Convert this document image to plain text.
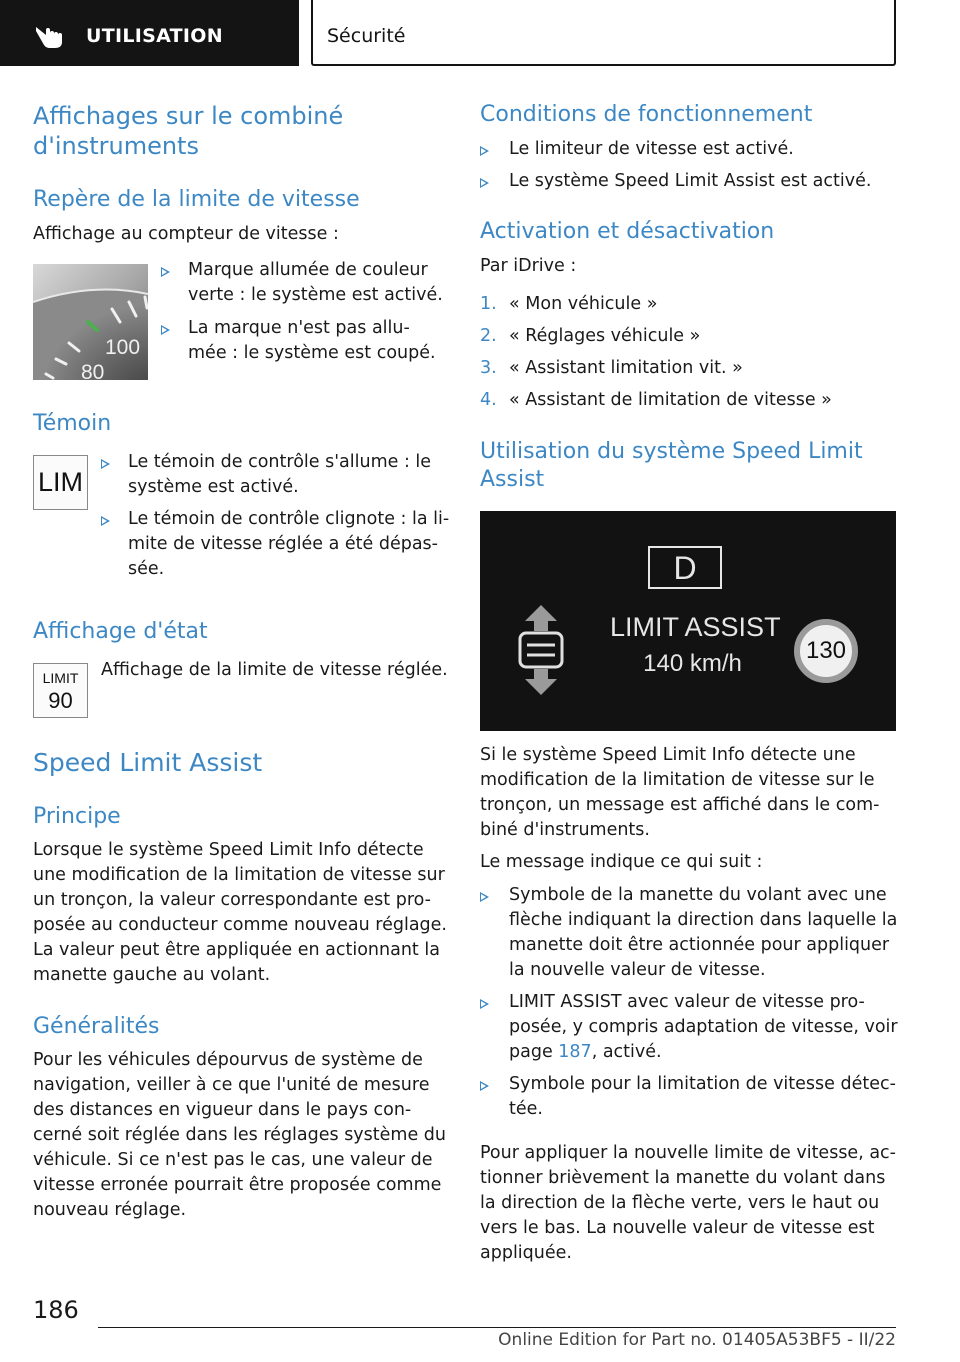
UTILISATION	Sécurité
Affichages sur le combiné
d'instruments
Repère de la limite de vitesse
Affichage au compteur de vitesse :
100
80
Marque allumée de couleur
verte : le système est activé.
La marque n'est pas allu-
mée : le système est coupé.
Témoin
LIM
Le témoin de contrôle s'allume : le
système est activé.
Le témoin de contrôle clignote : la li-
mite de vitesse réglée a été dépas-
sée.
Affichage d'état
LIMIT
90
Affichage de la limite de vitesse réglée.
Speed Limit Assist
Principe
Lorsque le système Speed Limit Info détecte
une modification de la limitation de vitesse sur
un tronçon, la valeur correspondante est pro-
posée au conducteur comme nouveau réglage.
La valeur peut être appliquée en actionnant la
manette gauche au volant.
Généralités
Pour les véhicules dépourvus de système de
navigation, veiller à ce que l'unité de mesure
des distances en vigueur dans le pays con-
cerné soit réglée dans les réglages système du
véhicule. Si ce n'est pas le cas, une valeur de
vitesse erronée pourrait être proposée comme
nouveau réglage.
Conditions de fonctionnement
Le limiteur de vitesse est activé.
Le système Speed Limit Assist est activé.
Activation et désactivation
Par iDrive :
1. « Mon véhicule »
2. « Réglages véhicule »
3. « Assistant limitation vit. »
4. « Assistant de limitation de vitesse »
Utilisation du système Speed Limit
Assist
D
LIMIT ASSIST
140 km/h	130
Si le système Speed Limit Info détecte une
modification de la limitation de vitesse sur le
tronçon, un message est affiché dans le com-
biné d'instruments.
Le message indique ce qui suit :
Symbole de la manette du volant avec une
flèche indiquant la direction dans laquelle la
manette doit être actionnée pour appliquer
la nouvelle valeur de vitesse.
LIMIT ASSIST avec valeur de vitesse pro-
posée, y compris adaptation de vitesse, voir
page 187, activé.
Symbole pour la limitation de vitesse détec-
tée.
Pour appliquer la nouvelle limite de vitesse, ac-
tionner brièvement la manette du volant dans
la direction de la flèche verte, vers le haut ou
vers le bas. La nouvelle valeur de vitesse est
appliquée.
186
Online Edition for Part no. 01405A53BF5 - II/22
